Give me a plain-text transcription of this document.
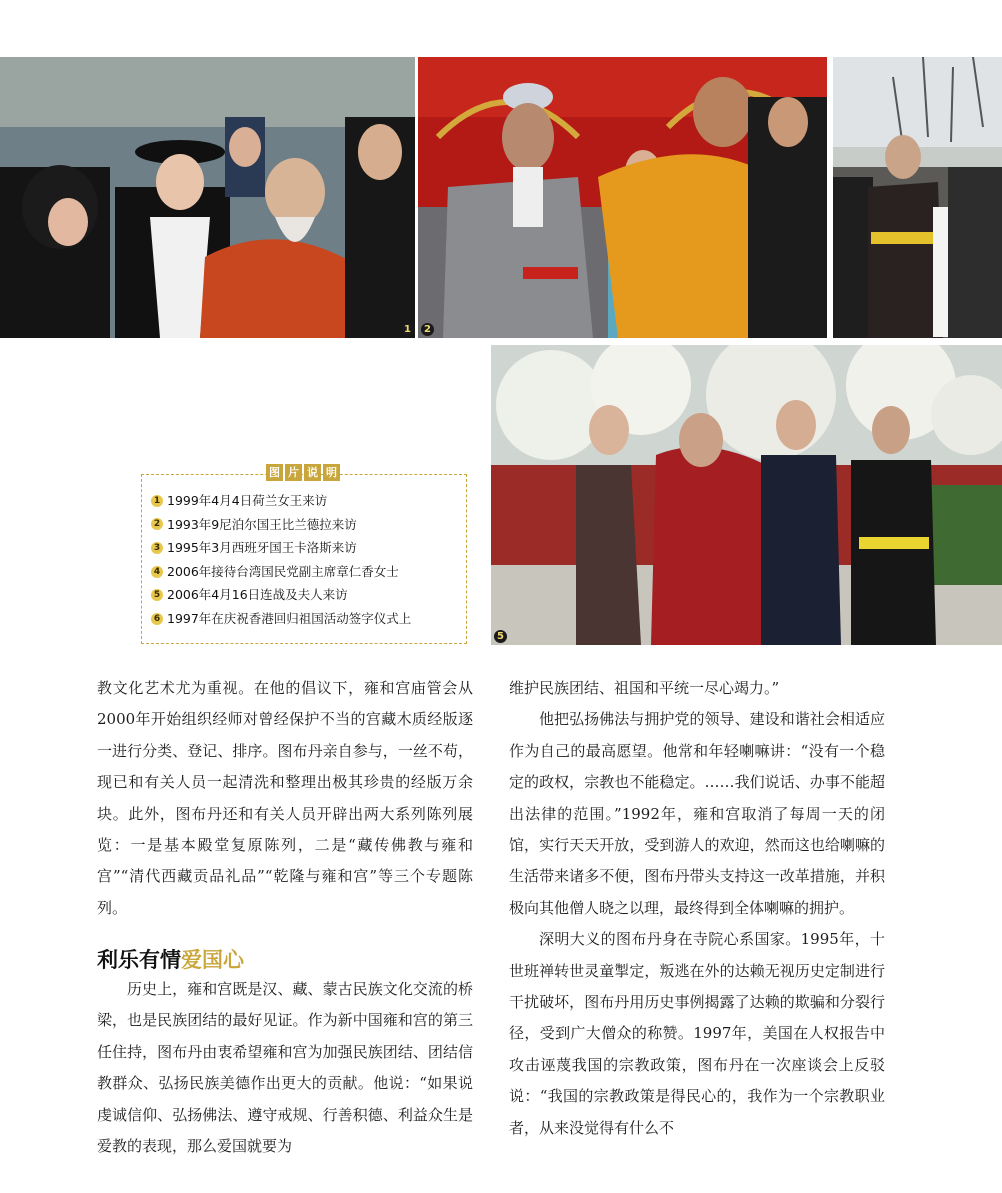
1	2
5
图 片 说 明
1 1999年4月4日荷兰女王来访
2 1993年9尼泊尔国王比兰德拉来访
3 1995年3月西班牙国王卡洛斯来访
4 2006年接待台湾国民党副主席章仁香女士
5 2006年4月16日连战及夫人来访
6 1997年在庆祝香港回归祖国活动签字仪式上

教文化艺术尤为重视。在他的倡议下，雍和宫庙管会从2000年开始组织经师对曾经保护不当的宫藏木质经版逐一进行分类、登记、排序。图布丹亲自参与，一丝不苟，现已和有关人员一起清洗和整理出极其珍贵的经版万余块。此外，图布丹还和有关人员开辟出两大系列陈列展览：一是基本殿堂复原陈列，二是“藏传佛教与雍和宫”“清代西藏贡品礼品”“乾隆与雍和宫”等三个专题陈列。

利乐有情爱国心

历史上，雍和宫既是汉、藏、蒙古民族文化交流的桥梁，也是民族团结的最好见证。作为新中国雍和宫的第三任住持，图布丹由衷希望雍和宫为加强民族团结、团结信教群众、弘扬民族美德作出更大的贡献。他说：“如果说虔诚信仰、弘扬佛法、遵守戒规、行善积德、利益众生是爱教的表现，那么爱国就要为

维护民族团结、祖国和平统一尽心竭力。”

他把弘扬佛法与拥护党的领导、建设和谐社会相适应作为自己的最高愿望。他常和年轻喇嘛讲：“没有一个稳定的政权，宗教也不能稳定。……我们说话、办事不能超出法律的范围。”1992年，雍和宫取消了每周一天的闭馆，实行天天开放，受到游人的欢迎，然而这也给喇嘛的生活带来诸多不便，图布丹带头支持这一改革措施，并积极向其他僧人晓之以理，最终得到全体喇嘛的拥护。

深明大义的图布丹身在寺院心系国家。1995年，十世班禅转世灵童掣定，叛逃在外的达赖无视历史定制进行干扰破坏，图布丹用历史事例揭露了达赖的欺骗和分裂行径，受到广大僧众的称赞。1997年，美国在人权报告中攻击诬蔑我国的宗教政策，图布丹在一次座谈会上反驳说：“我国的宗教政策是得民心的，我作为一个宗教职业者，从来没觉得有什么不
